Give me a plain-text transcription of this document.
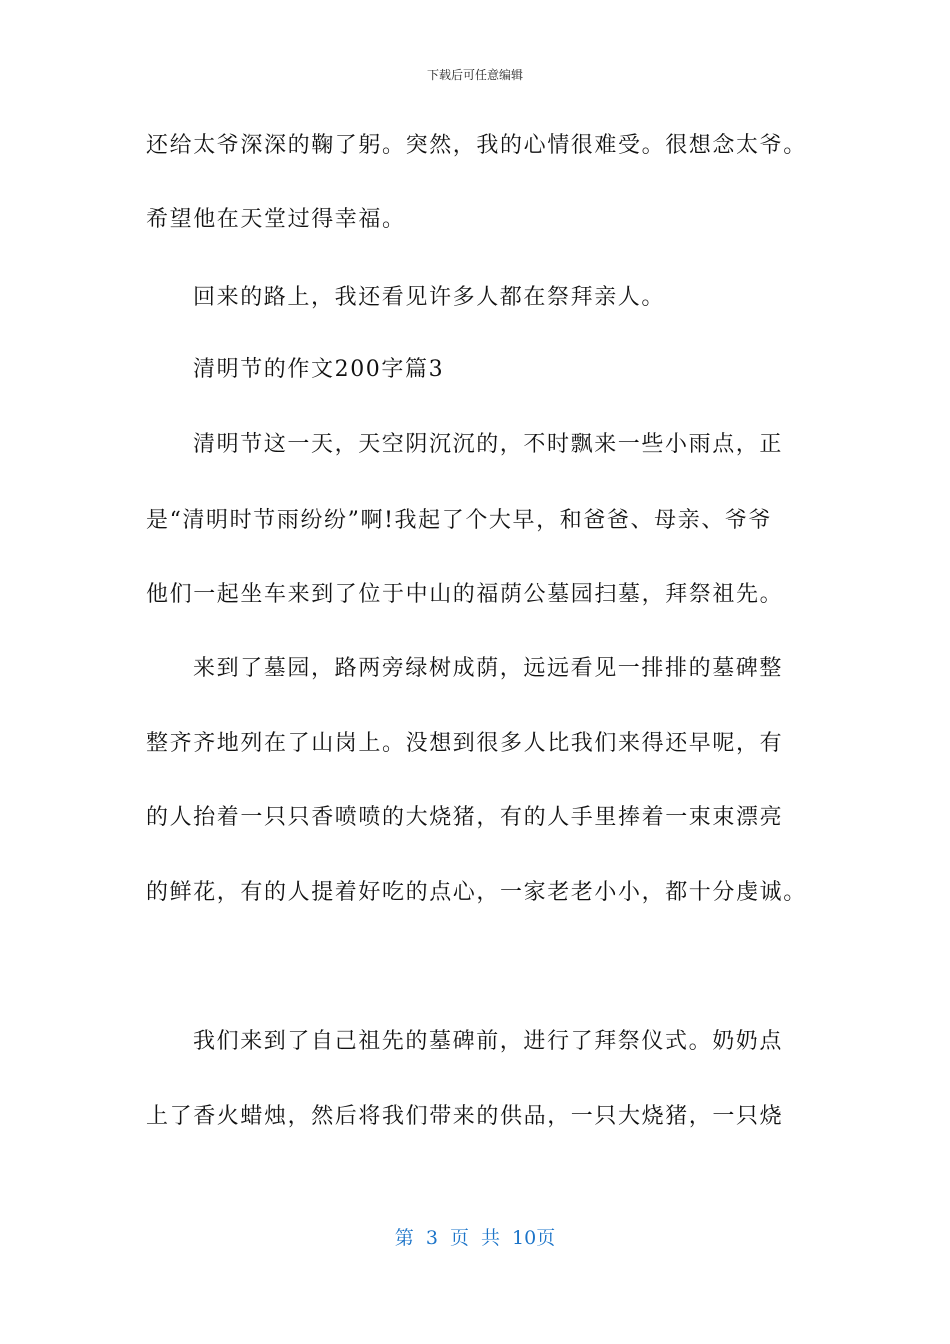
下载后可任意编辑
还给太爷深深的鞠了躬。突然，我的心情很难受。很想念太爷。
希望他在天堂过得幸福。
回来的路上，我还看见许多人都在祭拜亲人。
清明节的作文200字篇3
清明节这一天，天空阴沉沉的，不时飘来一些小雨点，正
是“清明时节雨纷纷”啊!我起了个大早，和爸爸、母亲、爷爷
他们一起坐车来到了位于中山的福荫公墓园扫墓，拜祭祖先。
来到了墓园，路两旁绿树成荫，远远看见一排排的墓碑整
整齐齐地列在了山岗上。没想到很多人比我们来得还早呢，有
的人抬着一只只香喷喷的大烧猪，有的人手里捧着一束束漂亮
的鲜花，有的人提着好吃的点心，一家老老小小，都十分虔诚。
我们来到了自己祖先的墓碑前，进行了拜祭仪式。奶奶点
上了香火蜡烛，然后将我们带来的供品，一只大烧猪，一只烧
第 3 页 共 10页
